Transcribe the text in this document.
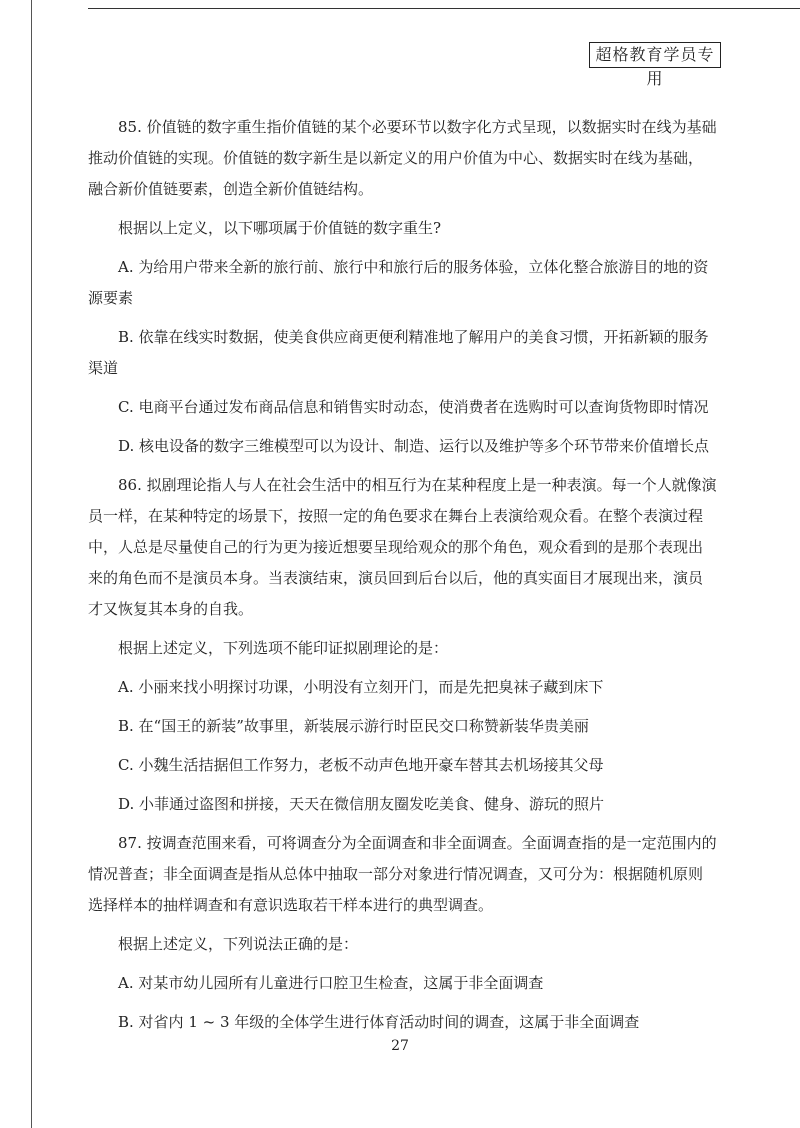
超格教育学员专用
85. 价值链的数字重生指价值链的某个必要环节以数字化方式呈现，以数据实时在线为基础
推动价值链的实现。价值链的数字新生是以新定义的用户价值为中心、数据实时在线为基础，
融合新价值链要素，创造全新价值链结构。
根据以上定义，以下哪项属于价值链的数字重生?
A. 为给用户带来全新的旅行前、旅行中和旅行后的服务体验，立体化整合旅游目的地的资
源要素
B. 依靠在线实时数据，使美食供应商更便利精准地了解用户的美食习惯，开拓新颖的服务
渠道
C. 电商平台通过发布商品信息和销售实时动态，使消费者在选购时可以查询货物即时情况
D. 核电设备的数字三维模型可以为设计、制造、运行以及维护等多个环节带来价值增长点
86. 拟剧理论指人与人在社会生活中的相互行为在某种程度上是一种表演。每一个人就像演
员一样，在某种特定的场景下，按照一定的角色要求在舞台上表演给观众看。在整个表演过程
中，人总是尽量使自己的行为更为接近想要呈现给观众的那个角色，观众看到的是那个表现出
来的角色而不是演员本身。当表演结束，演员回到后台以后，他的真实面目才展现出来，演员
才又恢复其本身的自我。
根据上述定义，下列选项不能印证拟剧理论的是：
A. 小丽来找小明探讨功课，小明没有立刻开门，而是先把臭袜子藏到床下
B. 在“国王的新装”故事里，新装展示游行时臣民交口称赞新装华贵美丽
C. 小魏生活拮据但工作努力，老板不动声色地开豪车替其去机场接其父母
D. 小菲通过盗图和拼接，天天在微信朋友圈发吃美食、健身、游玩的照片
87. 按调查范围来看，可将调查分为全面调查和非全面调查。全面调查指的是一定范围内的
情况普查；非全面调查是指从总体中抽取一部分对象进行情况调查，又可分为：根据随机原则
选择样本的抽样调查和有意识选取若干样本进行的典型调查。
根据上述定义，下列说法正确的是：
A. 对某市幼儿园所有儿童进行口腔卫生检查，这属于非全面调查
B. 对省内 1 ~ 3 年级的全体学生进行体育活动时间的调查，这属于非全面调查
27
